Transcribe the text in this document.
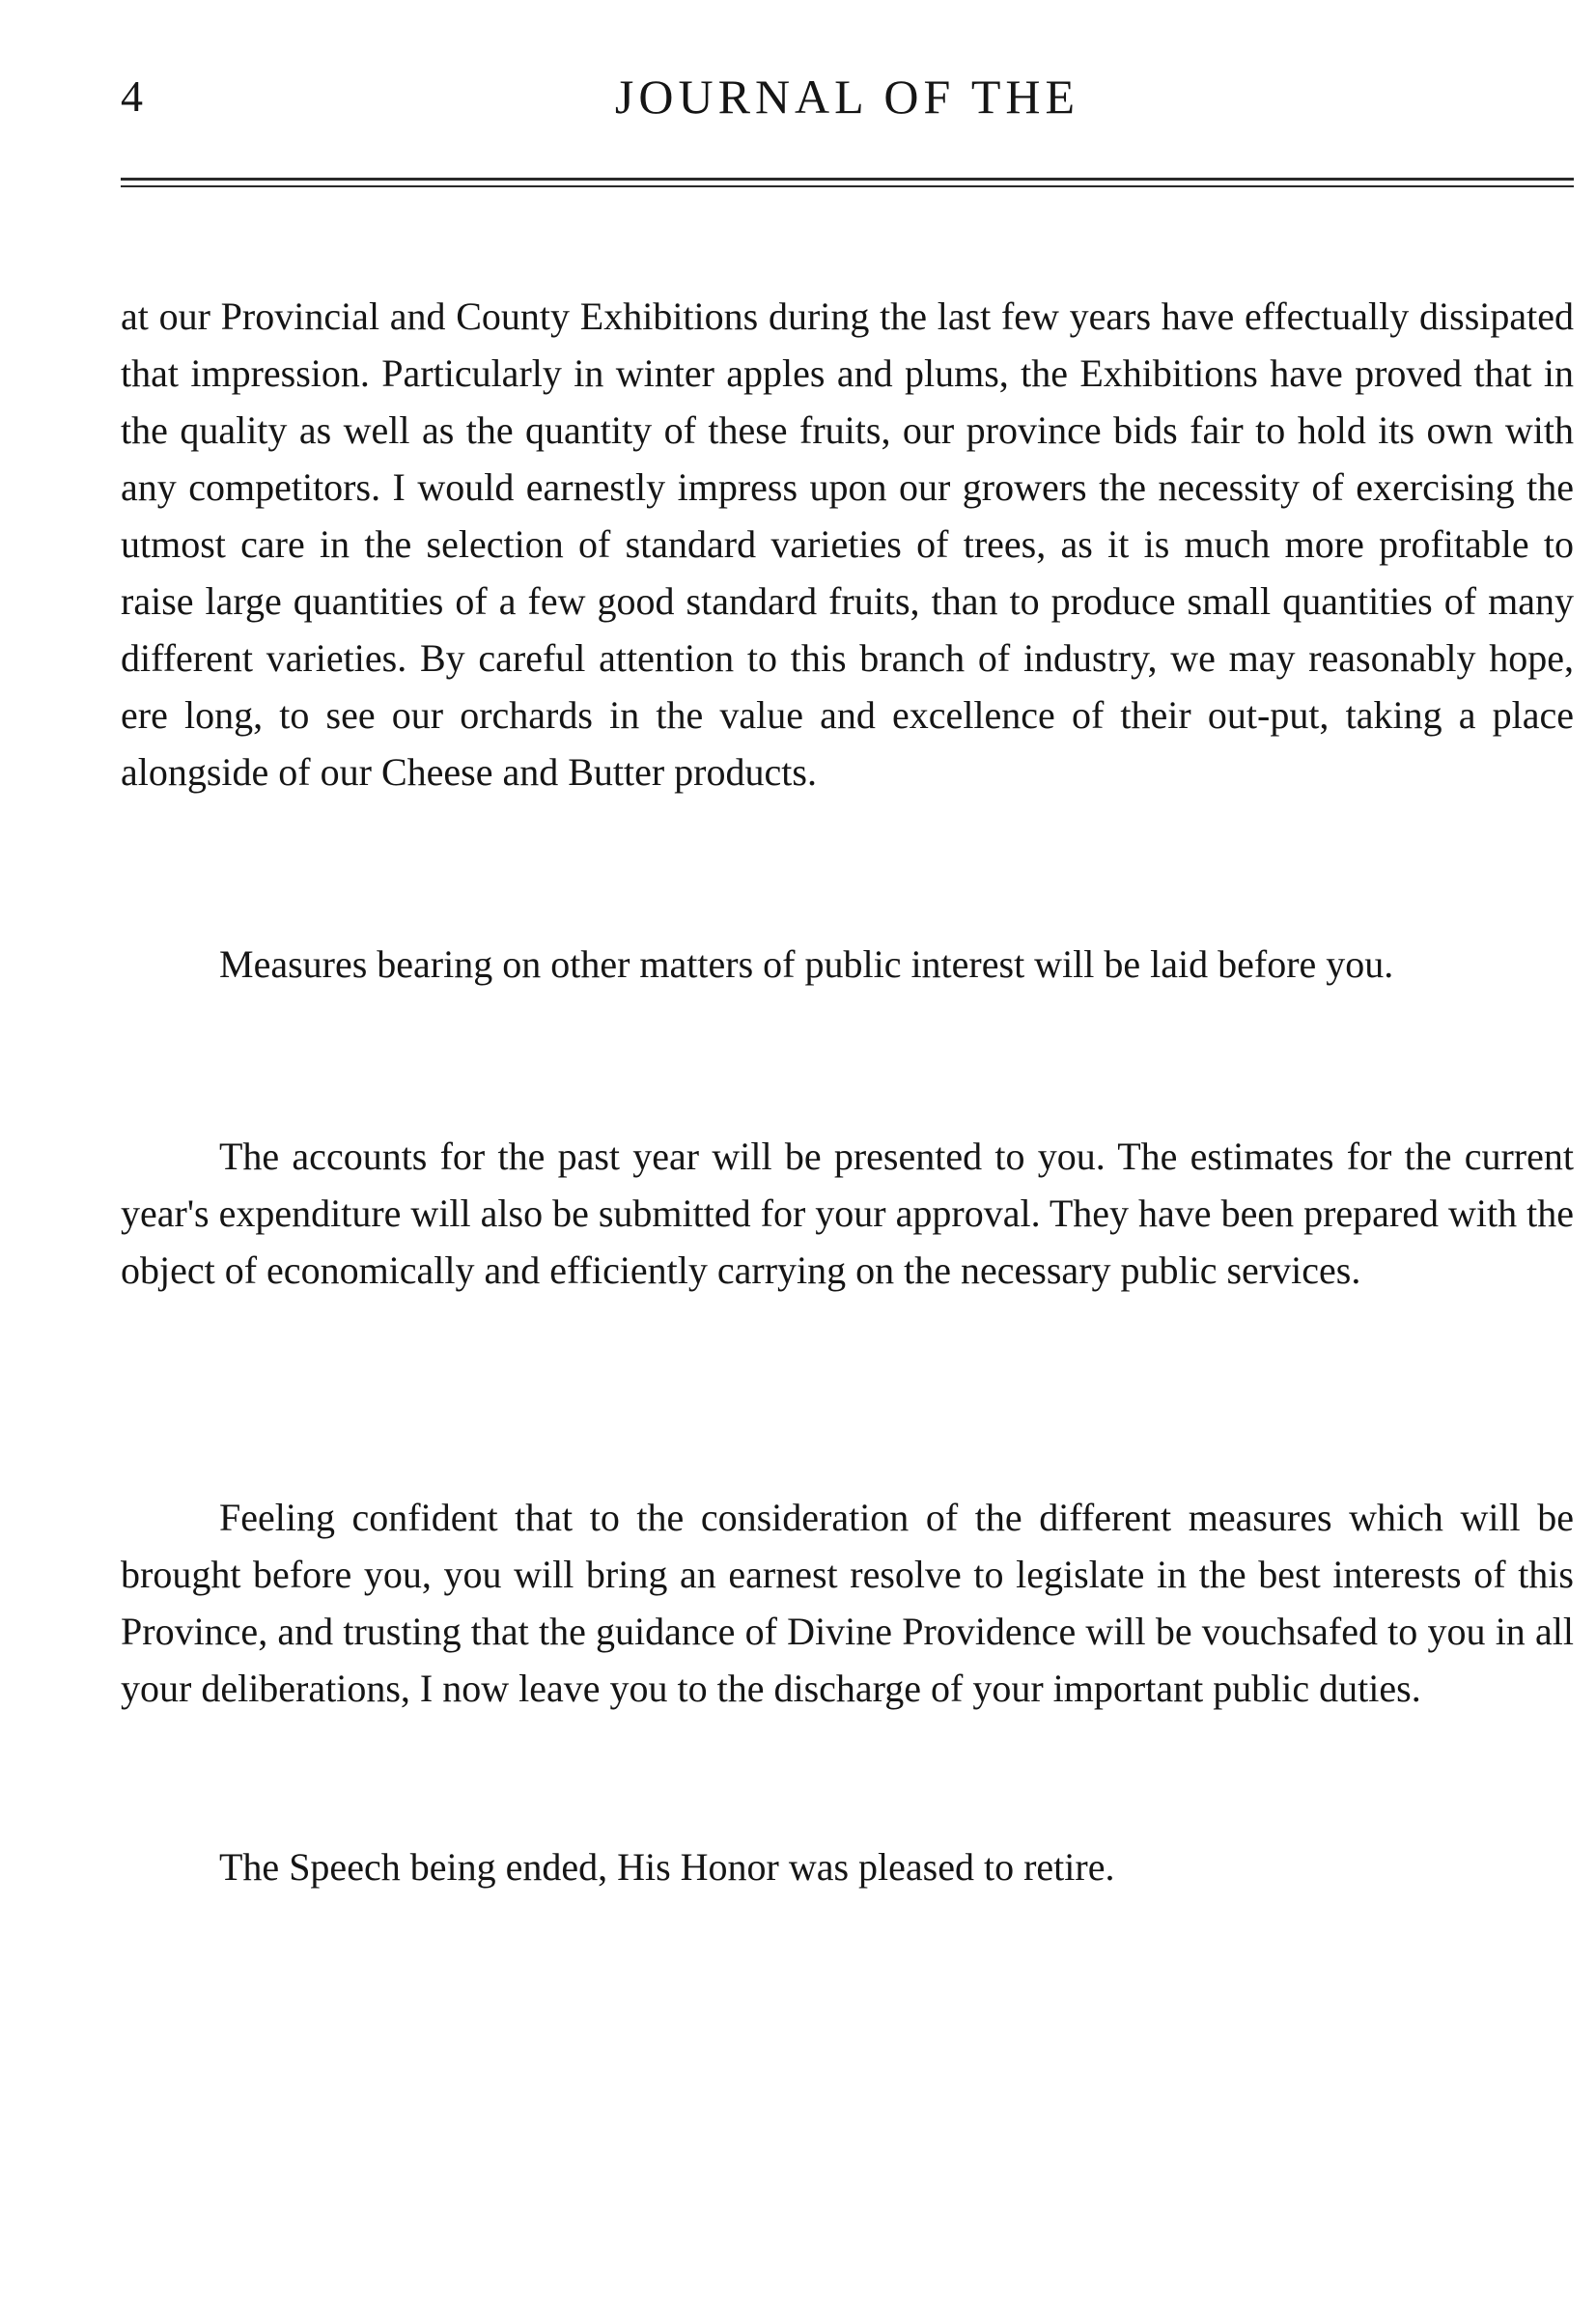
4	JOURNAL OF THE

at our Provincial and County Exhibitions during the last few years have effectually dissipated that impression. Particularly in winter apples and plums, the Exhibitions have proved that in the quality as well as the quantity of these fruits, our province bids fair to hold its own with any competitors. I would earnestly impress upon our growers the necessity of exercising the utmost care in the selection of standard varieties of trees, as it is much more profitable to raise large quantities of a few good standard fruits, than to produce small quantities of many different varieties. By careful attention to this branch of industry, we may reasonably hope, ere long, to see our orchards in the value and excellence of their out-put, taking a place alongside of our Cheese and Butter products.

Measures bearing on other matters of public interest will be laid before you.

The accounts for the past year will be presented to you. The estimates for the current year's expenditure will also be submitted for your approval. They have been prepared with the object of economically and efficiently carrying on the necessary public services.

Feeling confident that to the consideration of the different measures which will be brought before you, you will bring an earnest resolve to legislate in the best interests of this Province, and trusting that the guidance of Divine Providence will be vouchsafed to you in all your deliberations, I now leave you to the discharge of your important public duties.

The Speech being ended, His Honor was pleased to retire.
